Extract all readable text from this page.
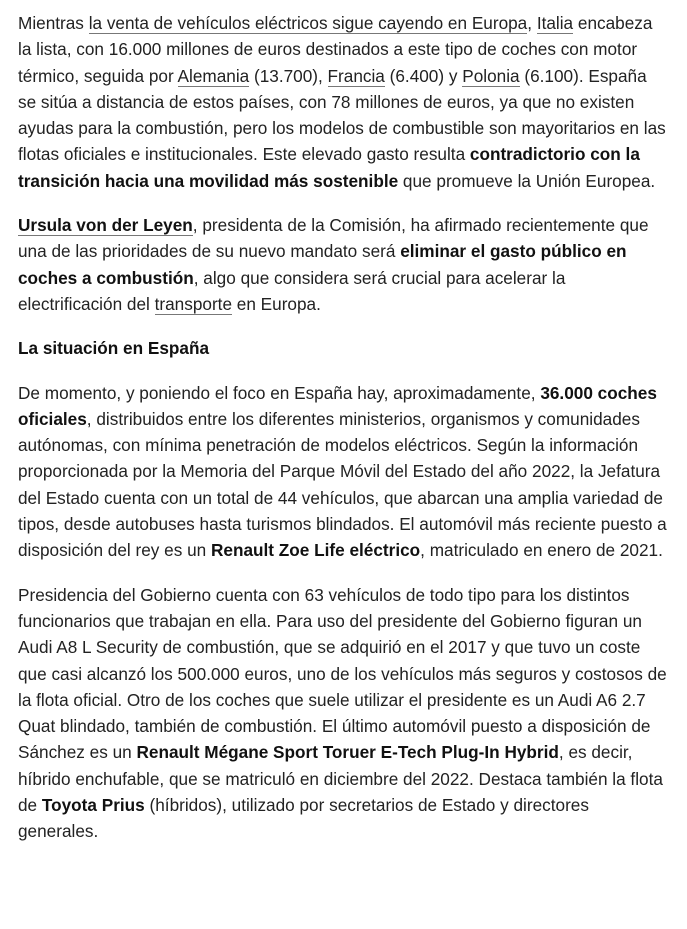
Mientras la venta de vehículos eléctricos sigue cayendo en Europa, Italia encabeza la lista, con 16.000 millones de euros destinados a este tipo de coches con motor térmico, seguida por Alemania (13.700), Francia (6.400) y Polonia (6.100). España se sitúa a distancia de estos países, con 78 millones de euros, ya que no existen ayudas para la combustión, pero los modelos de combustible son mayoritarios en las flotas oficiales e institucionales. Este elevado gasto resulta contradictorio con la transición hacia una movilidad más sostenible que promueve la Unión Europea.

Ursula von der Leyen, presidenta de la Comisión, ha afirmado recientemente que una de las prioridades de su nuevo mandato será eliminar el gasto público en coches a combustión, algo que considera será crucial para acelerar la electrificación del transporte en Europa.

La situación en España

De momento, y poniendo el foco en España hay, aproximadamente, 36.000 coches oficiales, distribuidos entre los diferentes ministerios, organismos y comunidades autónomas, con mínima penetración de modelos eléctricos. Según la información proporcionada por la Memoria del Parque Móvil del Estado del año 2022, la Jefatura del Estado cuenta con un total de 44 vehículos, que abarcan una amplia variedad de tipos, desde autobuses hasta turismos blindados. El automóvil más reciente puesto a disposición del rey es un Renault Zoe Life eléctrico, matriculado en enero de 2021.

Presidencia del Gobierno cuenta con 63 vehículos de todo tipo para los distintos funcionarios que trabajan en ella. Para uso del presidente del Gobierno figuran un Audi A8 L Security de combustión, que se adquirió en el 2017 y que tuvo un coste que casi alcanzó los 500.000 euros, uno de los vehículos más seguros y costosos de la flota oficial. Otro de los coches que suele utilizar el presidente es un Audi A6 2.7 Quat blindado, también de combustión. El último automóvil puesto a disposición de Sánchez es un Renault Mégane Sport Toruer E-Tech Plug-In Hybrid, es decir, híbrido enchufable, que se matriculó en diciembre del 2022. Destaca también la flota de Toyota Prius (híbridos), utilizado por secretarios de Estado y directores generales.
